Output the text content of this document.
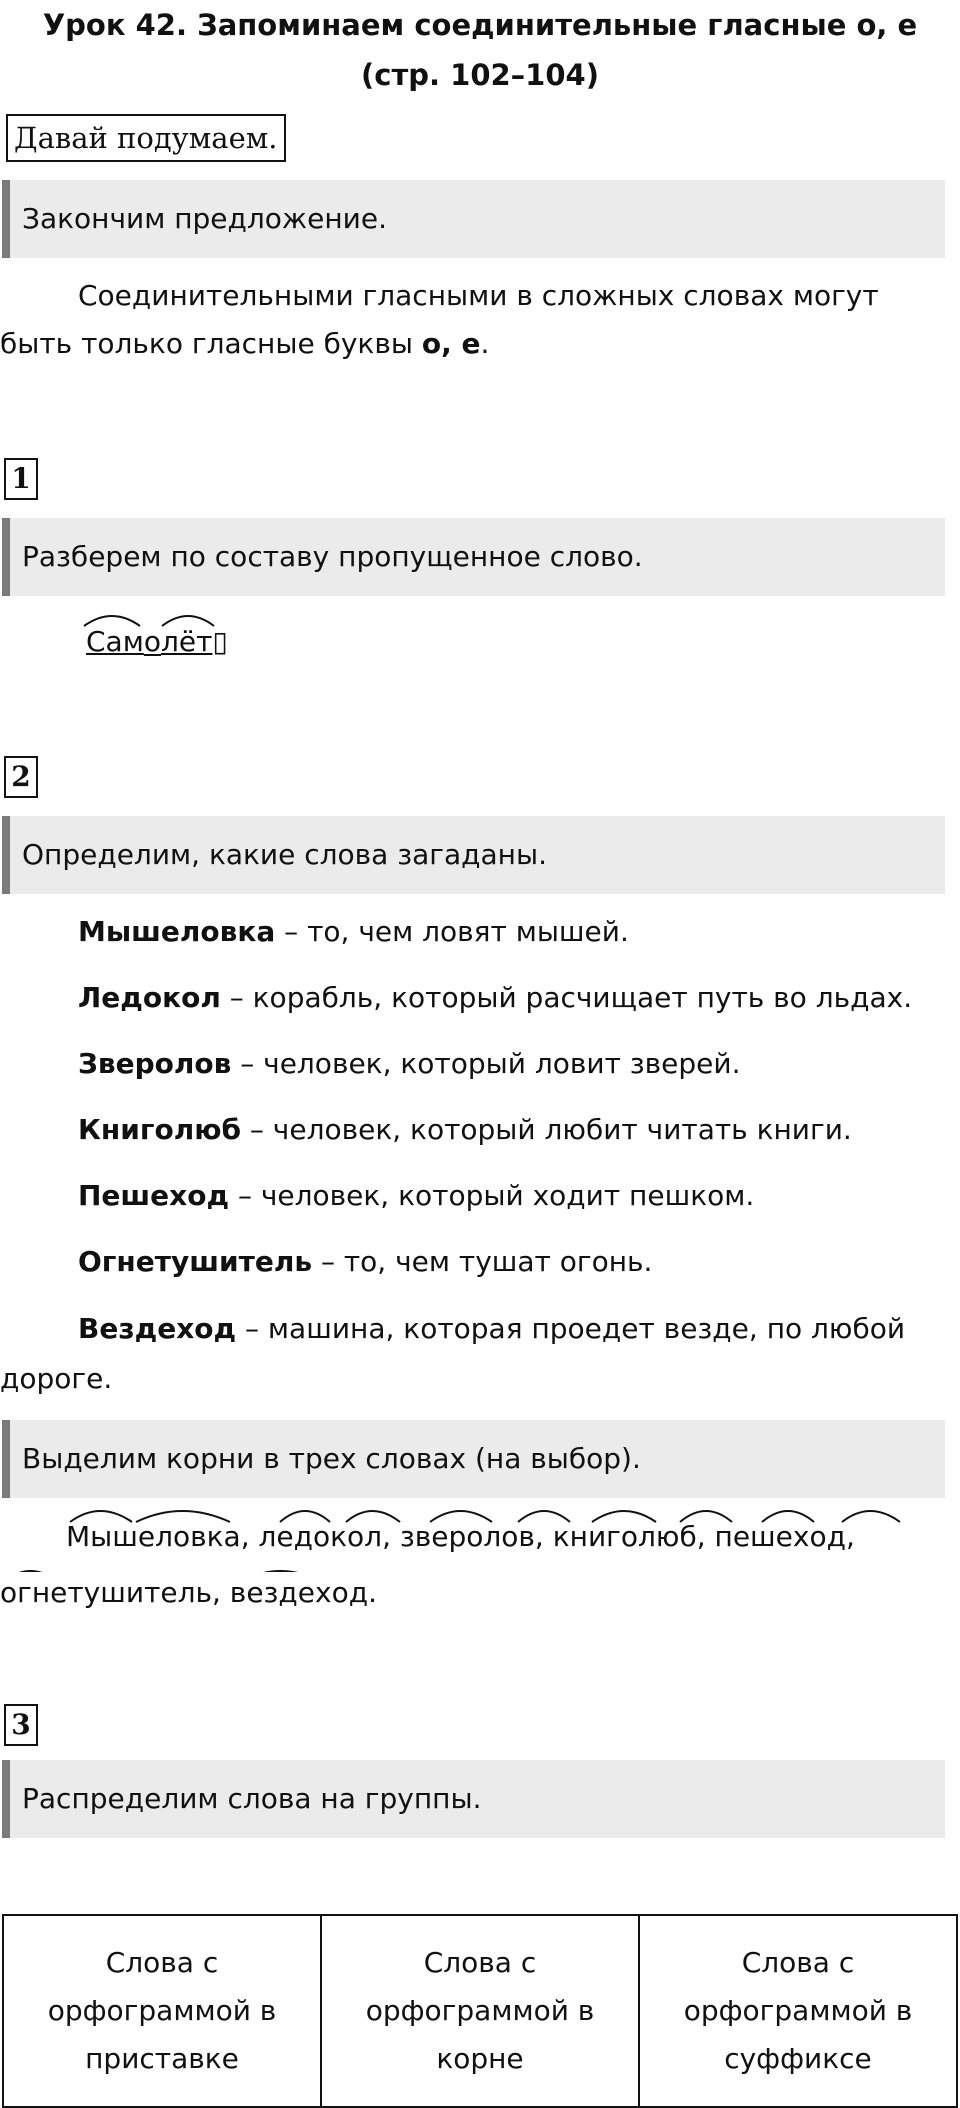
Урок 42. Запоминаем соединительные гласные о, е (стр. 102–104)
Давай подумаем.
Закончим предложение.
Соединительными гласными в сложных словах могут быть только гласные буквы о, е.
1
Разберем по составу пропущенное слово.
Самолёт▯
2
Определим, какие слова загаданы.
Мышеловка – то, чем ловят мышей.
Ледокол – корабль, который расчищает путь во льдах.
Зверолов – человек, который ловит зверей.
Книголюб – человек, который любит читать книги.
Пешеход – человек, который ходит пешком.
Огнетушитель – то, чем тушат огонь.
Вездеход – машина, которая проедет везде, по любой дороге.
Выделим корни в трех словах (на выбор).
Мышеловка, ледокол, зверолов, книголюб, пешеход,
огнетушитель, вездеход.
3
Распределим слова на группы.
Слова с орфограммой в приставке	Слова с орфограммой в корне	Слова с орфограммой в суффиксе
